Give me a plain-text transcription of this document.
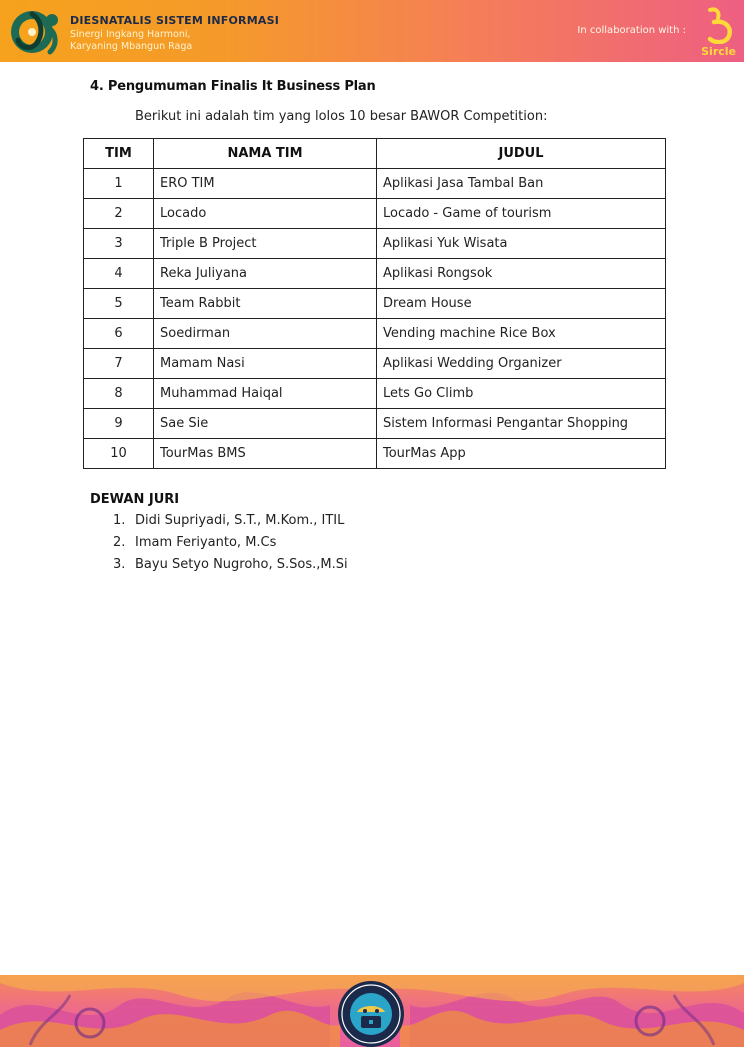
DIESNATALIS SISTEM INFORMASI
Sinergi Ingkang Harmoni,
Karyaning Mbangun Raga
In collaboration with :
Sircle
4. Pengumuman Finalis It Business Plan
Berikut ini adalah tim yang lolos 10 besar BAWOR Competition:
TIM	NAMA TIM	JUDUL
1	ERO TIM	Aplikasi Jasa Tambal Ban
2	Locado	Locado - Game of tourism
3	Triple B Project	Aplikasi Yuk Wisata
4	Reka Juliyana	Aplikasi Rongsok
5	Team Rabbit	Dream House
6	Soedirman	Vending machine Rice Box
7	Mamam Nasi	Aplikasi Wedding Organizer
8	Muhammad Haiqal	Lets Go Climb
9	Sae Sie	Sistem Informasi Pengantar Shopping
10	TourMas BMS	TourMas App
DEWAN JURI
1. Didi Supriyadi, S.T., M.Kom., ITIL
2. Imam Feriyanto, M.Cs
3. Bayu Setyo Nugroho, S.Sos.,M.Si
